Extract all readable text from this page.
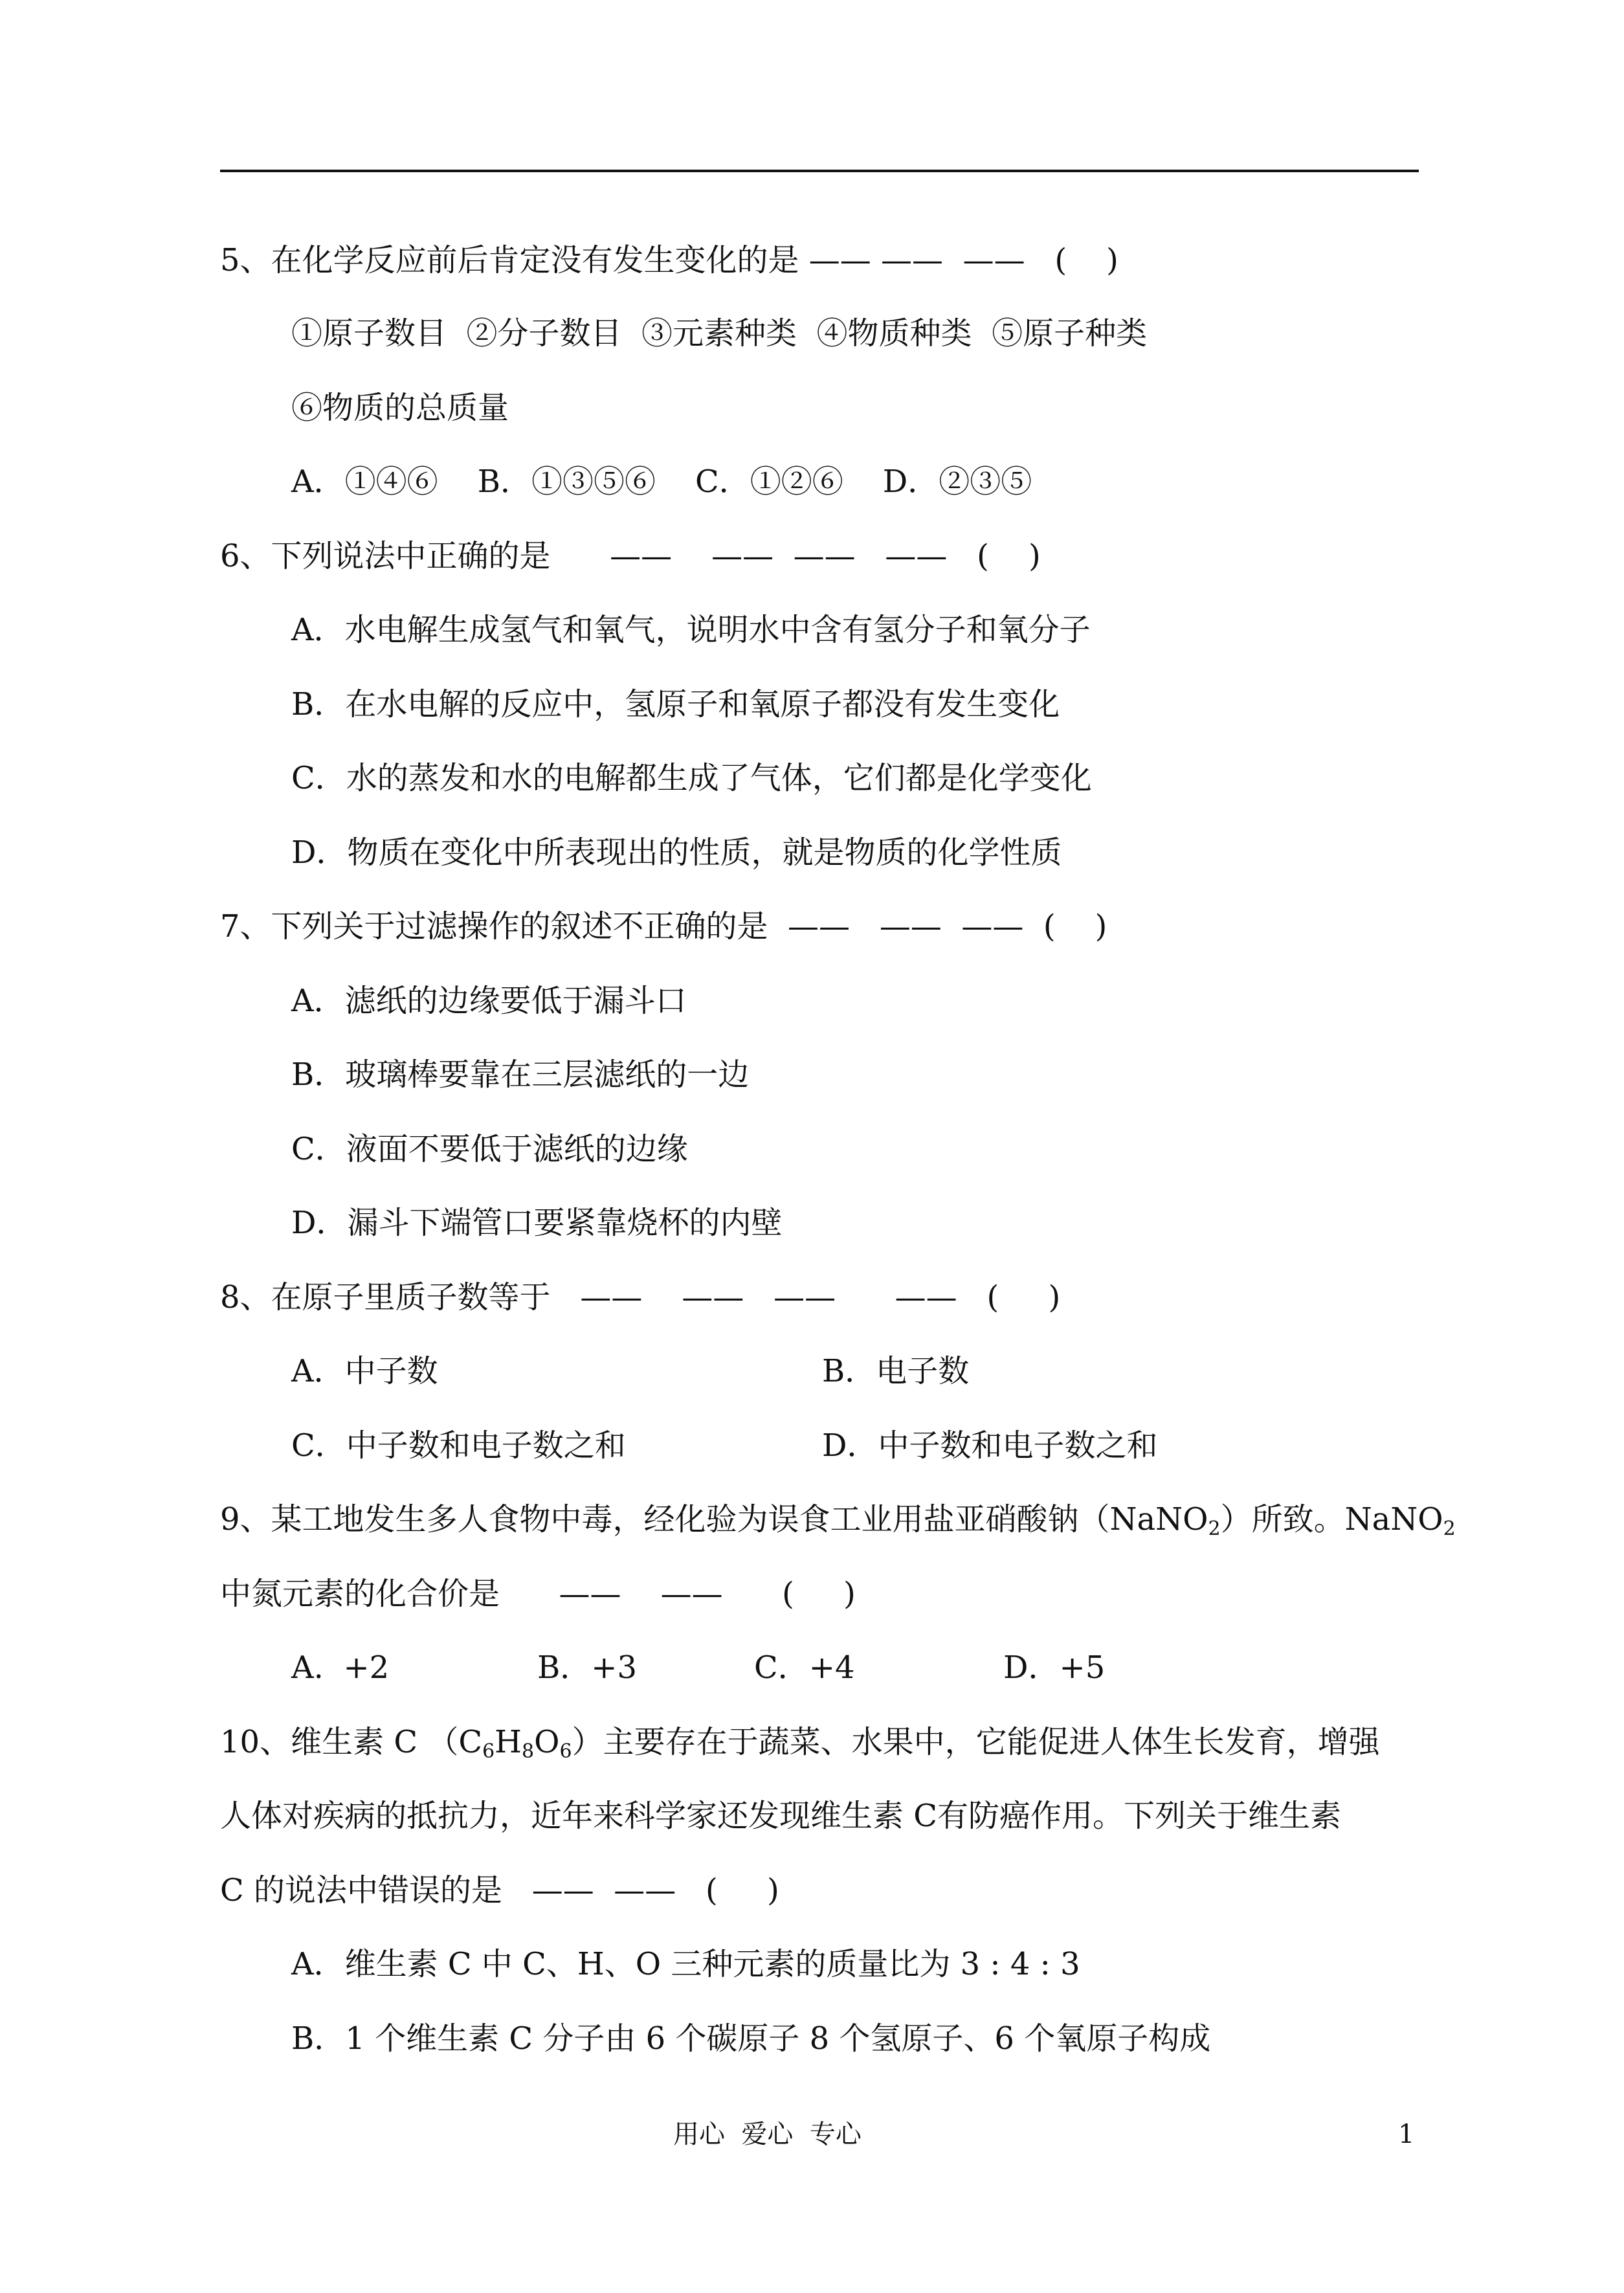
5、在化学反应前后肯定没有发生变化的是 —— ——  ——   (    )
①原子数目  ②分子数目  ③元素种类  ④物质种类  ⑤原子种类
⑥物质的总质量
A．①④⑥    B．①③⑤⑥    C．①②⑥    D．②③⑤
6、下列说法中正确的是      ——    ——  ——   ——   (    )
A．水电解生成氢气和氧气，说明水中含有氢分子和氧分子
B．在水电解的反应中，氢原子和氧原子都没有发生变化
C．水的蒸发和水的电解都生成了气体，它们都是化学变化
D．物质在变化中所表现出的性质，就是物质的化学性质
7、下列关于过滤操作的叙述不正确的是  ——   ——  ——  (    )
A．滤纸的边缘要低于漏斗口
B．玻璃棒要靠在三层滤纸的一边
C．液面不要低于滤纸的边缘
D．漏斗下端管口要紧靠烧杯的内壁
8、在原子里质子数等于   ——    ——   ——      ——   (     )
A．中子数	B．电子数
C．中子数和电子数之和	D．中子数和电子数之和
9、某工地发生多人食物中毒，经化验为误食工业用盐亚硝酸钠（NaNO$_2$）所致。NaNO$_2$
中氮元素的化合价是      ——    ——      (     )
A.  +2	B．+3	C．+4	D．+5
10、维生素 C $(C_6H_8O_6)$主要存在于蔬菜、水果中，它能促进人体生长发育，增强
人体对疾病的抵抗力，近年来科学家还发现维生素 C有防癌作用。下列关于维生素
C 的说法中错误的是   ——  ——   (     )
A．维生素 C 中 C、H、O 三种元素的质量比为 3 : 4 : 3
B．1 个维生素 C 分子由 6 个碳原子 8 个氢原子、6 个氧原子构成
用心  爱心  专心	1
